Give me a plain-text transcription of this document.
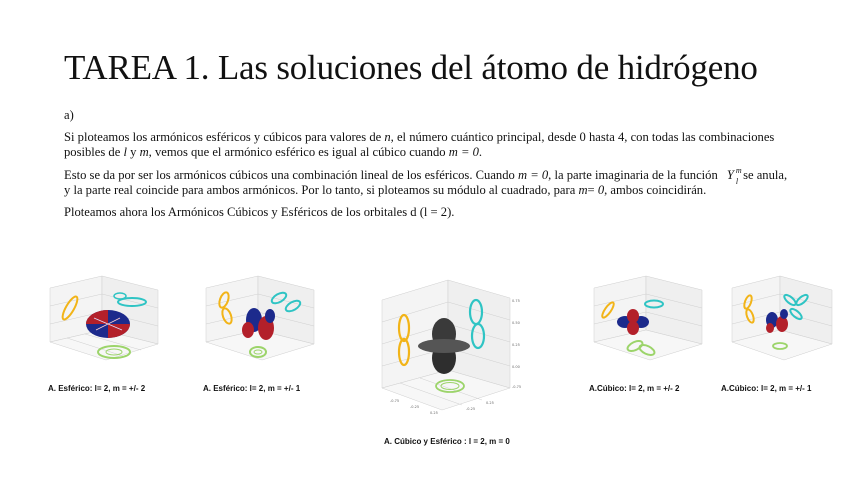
TAREA 1. Las soluciones del átomo de hidrógeno

a)

Si ploteamos los armónicos esféricos y cúbicos para valores de n, el número cuántico principal, desde 0 hasta 4, con todas las combinaciones posibles de l y m, vemos que el armónico esférico es igual al cúbico cuando m = 0.

Esto se da por ser los armónicos cúbicos una combinación lineal de los esféricos. Cuando m = 0, la parte imaginaria de la función Y m
l se anula, y la parte real coincide para ambos armónicos. Por lo tanto, si ploteamos su módulo al cuadrado, para m= 0, ambos coincidirán.

Ploteamos ahora los Armónicos Cúbicos y Esféricos de los orbitales d (l = 2).

A. Esférico: l= 2, m = +/- 2	A. Esférico: l= 2, m = +/- 1
0.75
0.50
0.25
0.00
-0.75
-0.75
-0.25
0.25
-0.25
0.25
A. Cúbico y Esférico : l = 2, m = 0
A.Cúbico: l= 2, m = +/- 2	A.Cúbico: l= 2, m = +/- 1
